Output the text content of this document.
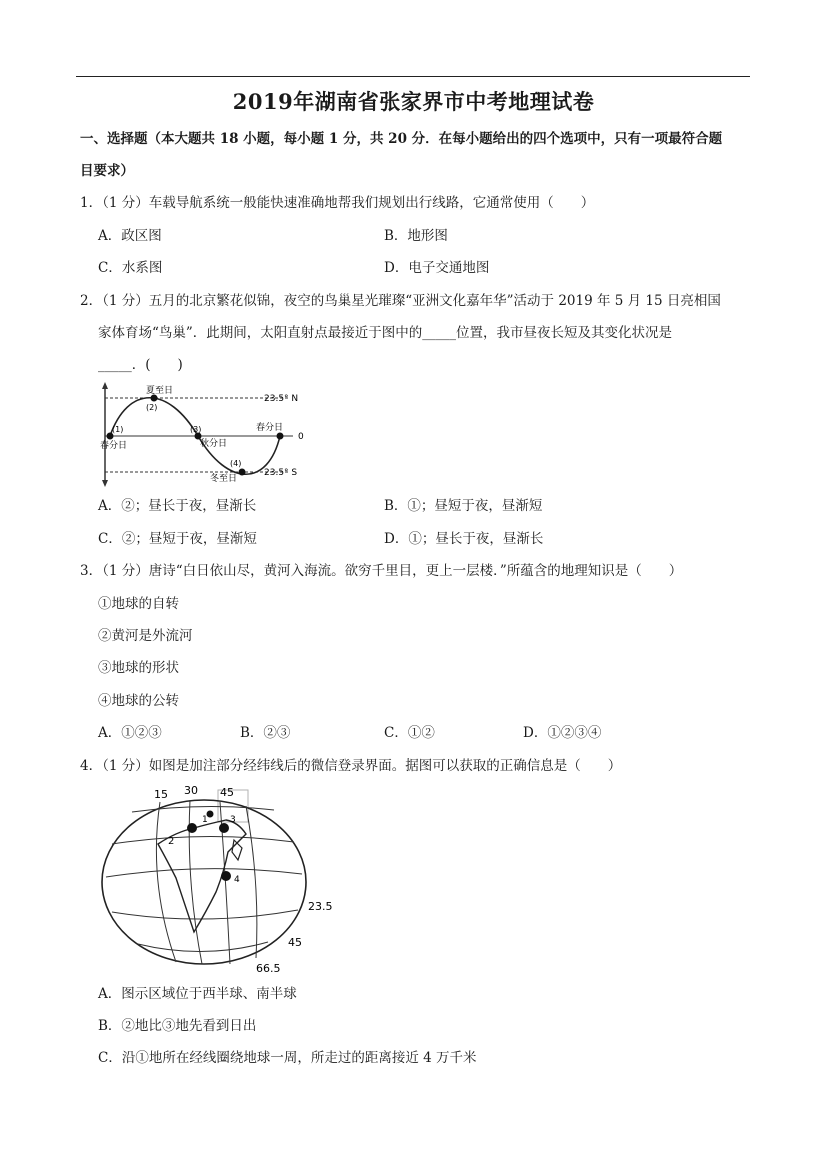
2019年湖南省张家界市中考地理试卷
一、选择题（本大题共 18 小题，每小题 1 分，共 20 分．在每小题给出的四个选项中，只有一项最符合题
目要求）
1．（1 分）车载导航系统一般能快速准确地帮我们规划出行线路，它通常使用（　　）
A．政区图	B．地形图
C．水系图	D．电子交通地图
2．（1 分）五月的北京繁花似锦，夜空的鸟巢星光璀璨“亚洲文化嘉年华”活动于 2019 年 5 月 15 日亮相国
家体育场“鸟巢”．此期间，太阳直射点最接近于图中的_____位置，我市昼夜长短及其变化状况是
_____．(　　)
夏至日
春分日	秋分日
春分日
冬至日
(1)
(2)
(3)
(4)
23.5° N
0
23.5° S
A．②；昼长于夜，昼渐长	B．①；昼短于夜，昼渐短
C．②；昼短于夜，昼渐短	D．①；昼长于夜，昼渐长
3．（1 分）唐诗“白日依山尽，黄河入海流。欲穷千里目，更上一层楼．”所蕴含的地理知识是（　　）
①地球的自转
②黄河是外流河
③地球的形状
④地球的公转
A．①②③	B．②③	C．①②	D．①②③④
4．（1 分）如图是加注部分经纬线后的微信登录界面。据图可以获取的正确信息是（　　）
15 30 45
23.5
45
66.5
1
2
3
4
A．图示区域位于西半球、南半球
B．②地比③地先看到日出
C．沿①地所在经线圈绕地球一周，所走过的距离接近 4 万千米
